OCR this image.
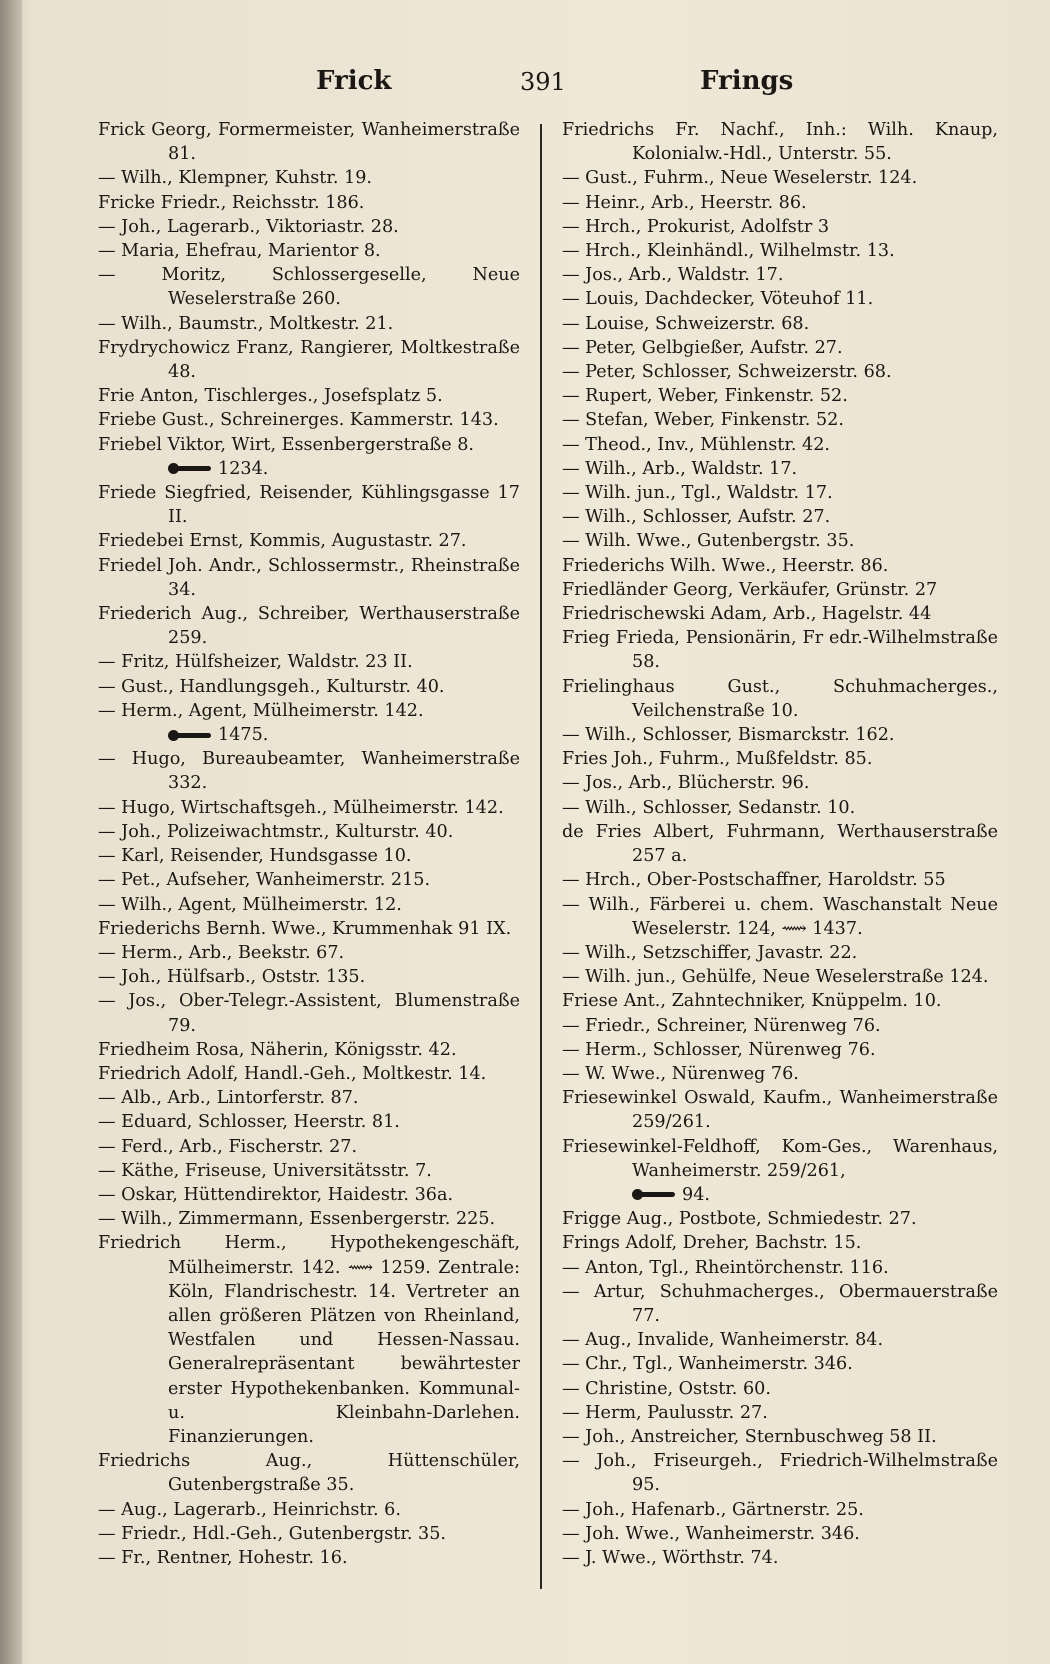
Frick	391	Frings
Frick Georg, Formermeister, Wanheimerstraße 81.
— Wilh., Klempner, Kuhstr. 19.
Fricke Friedr., Reichsstr. 186.
— Joh., Lagerarb., Viktoriastr. 28.
— Maria, Ehefrau, Marientor 8.
— Moritz, Schlossergeselle, Neue Weselerstraße 260.
— Wilh., Baumstr., Moltkestr. 21.
Frydrychowicz Franz, Rangierer, Moltkestraße 48.
Frie Anton, Tischlerges., Josefsplatz 5.
Friebe Gust., Schreinerges. Kammerstr. 143.
Friebel Viktor, Wirt, Essenbergerstraße 8.
1234.
Friede Siegfried, Reisender, Kühlingsgasse 17 II.
Friedebei Ernst, Kommis, Augustastr. 27.
Friedel Joh. Andr., Schlossermstr., Rheinstraße 34.
Friederich Aug., Schreiber, Werthauserstraße 259.
— Fritz, Hülfsheizer, Waldstr. 23 II.
— Gust., Handlungsgeh., Kulturstr. 40.
— Herm., Agent, Mülheimerstr. 142.
1475.
— Hugo, Bureaubeamter, Wanheimerstraße 332.
— Hugo, Wirtschaftsgeh., Mülheimerstr. 142.
— Joh., Polizeiwachtmstr., Kulturstr. 40.
— Karl, Reisender, Hundsgasse 10.
— Pet., Aufseher, Wanheimerstr. 215.
— Wilh., Agent, Mülheimerstr. 12.
Friederichs Bernh. Wwe., Krummenhak 91 IX.
— Herm., Arb., Beekstr. 67.
— Joh., Hülfsarb., Oststr. 135.
— Jos., Ober-Telegr.-Assistent, Blumenstraße 79.
Friedheim Rosa, Näherin, Königsstr. 42.
Friedrich Adolf, Handl.-Geh., Moltkestr. 14.
— Alb., Arb., Lintorferstr. 87.
— Eduard, Schlosser, Heerstr. 81.
— Ferd., Arb., Fischerstr. 27.
— Käthe, Friseuse, Universitätsstr. 7.
— Oskar, Hüttendirektor, Haidestr. 36a.
— Wilh., Zimmermann, Essenbergerstr. 225.
Friedrich Herm., Hypothekengeschäft, Mülheimerstr. 142. ⟿ 1259. Zentrale: Köln, Flandrischestr. 14. Vertreter an allen größeren Plätzen von Rheinland, Westfalen und Hessen-Nassau. Generalrepräsentant bewährtester erster Hypothekenbanken. Kommunal- u. Kleinbahn-Darlehen. Finanzierungen.
Friedrichs Aug., Hüttenschüler, Gutenbergstraße 35.
— Aug., Lagerarb., Heinrichstr. 6.
— Friedr., Hdl.-Geh., Gutenbergstr. 35.
— Fr., Rentner, Hohestr. 16.
Friedrichs Fr. Nachf., Inh.: Wilh. Knaup, Kolonialw.-Hdl., Unterstr. 55.
— Gust., Fuhrm., Neue Weselerstr. 124.
— Heinr., Arb., Heerstr. 86.
— Hrch., Prokurist, Adolfstr 3
— Hrch., Kleinhändl., Wilhelmstr. 13.
— Jos., Arb., Waldstr. 17.
— Louis, Dachdecker, Vöteuhof 11.
— Louise, Schweizerstr. 68.
— Peter, Gelbgießer, Aufstr. 27.
— Peter, Schlosser, Schweizerstr. 68.
— Rupert, Weber, Finkenstr. 52.
— Stefan, Weber, Finkenstr. 52.
— Theod., Inv., Mühlenstr. 42.
— Wilh., Arb., Waldstr. 17.
— Wilh. jun., Tgl., Waldstr. 17.
— Wilh., Schlosser, Aufstr. 27.
— Wilh. Wwe., Gutenbergstr. 35.
Friederichs Wilh. Wwe., Heerstr. 86.
Friedländer Georg, Verkäufer, Grünstr. 27
Friedrischewski Adam, Arb., Hagelstr. 44
Frieg Frieda, Pensionärin, Fr edr.-Wilhelmstraße 58.
Frielinghaus Gust., Schuhmacherges., Veilchenstraße 10.
— Wilh., Schlosser, Bismarckstr. 162.
Fries Joh., Fuhrm., Mußfeldstr. 85.
— Jos., Arb., Blücherstr. 96.
— Wilh., Schlosser, Sedanstr. 10.
de Fries Albert, Fuhrmann, Werthauserstraße 257 a.
— Hrch., Ober-Postschaffner, Haroldstr. 55
— Wilh., Färberei u. chem. Waschanstalt Neue Weselerstr. 124, ⟿ 1437.
— Wilh., Setzschiffer, Javastr. 22.
— Wilh. jun., Gehülfe, Neue Weselerstraße 124.
Friese Ant., Zahntechniker, Knüppelm. 10.
— Friedr., Schreiner, Nürenweg 76.
— Herm., Schlosser, Nürenweg 76.
— W. Wwe., Nürenweg 76.
Friesewinkel Oswald, Kaufm., Wanheimerstraße 259/261.
Friesewinkel-Feldhoff, Kom-Ges., Warenhaus, Wanheimerstr. 259/261,
94.
Frigge Aug., Postbote, Schmiedestr. 27.
Frings Adolf, Dreher, Bachstr. 15.
— Anton, Tgl., Rheintörchenstr. 116.
— Artur, Schuhmacherges., Obermauerstraße 77.
— Aug., Invalide, Wanheimerstr. 84.
— Chr., Tgl., Wanheimerstr. 346.
— Christine, Oststr. 60.
— Herm, Paulusstr. 27.
— Joh., Anstreicher, Sternbuschweg 58 II.
— Joh., Friseurgeh., Friedrich-Wilhelmstraße 95.
— Joh., Hafenarb., Gärtnerstr. 25.
— Joh. Wwe., Wanheimerstr. 346.
— J. Wwe., Wörthstr. 74.
